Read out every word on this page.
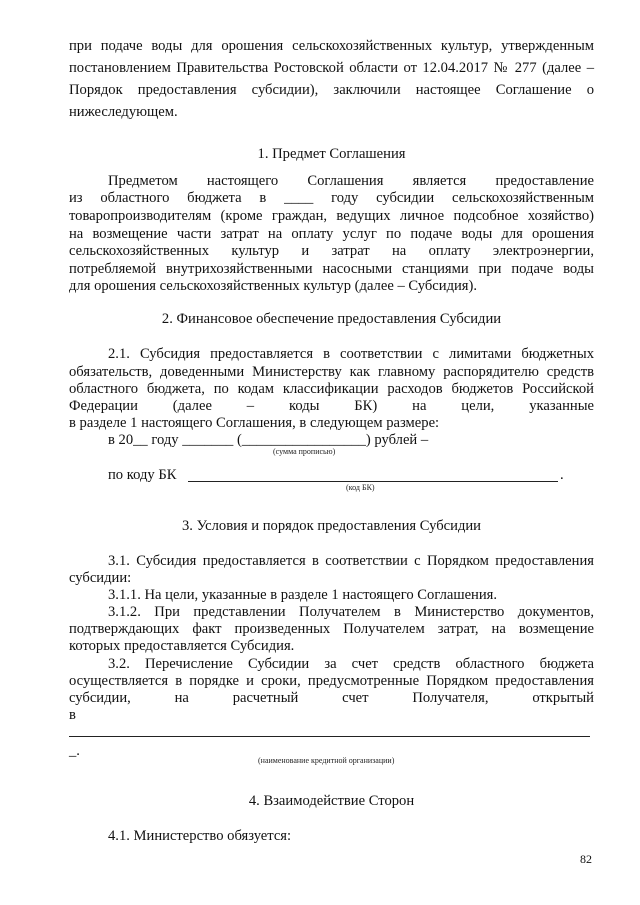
при подаче воды для орошения сельскохозяйственных культур, утвержденным
постановлением Правительства Ростовской области от 12.04.2017 № 277 (далее –
Порядок предоставления субсидии), заключили настоящее Соглашение о
нижеследующем.
1. Предмет Соглашения
Предметом настоящего Соглашения является предоставление
из областного бюджета в ____ году субсидии сельскохозяйственным
товаропроизводителям (кроме граждан, ведущих личное подсобное хозяйство)
на возмещение части затрат на оплату услуг по подаче воды для орошения
сельскохозяйственных культур и затрат на оплату электроэнергии,
потребляемой внутрихозяйственными насосными станциями при подаче воды
для орошения сельскохозяйственных культур (далее – Субсидия).
2. Финансовое обеспечение предоставления Субсидии
2.1. Субсидия предоставляется в соответствии с лимитами бюджетных
обязательств, доведенными Министерству как главному распорядителю средств
областного бюджета, по кодам классификации расходов бюджетов Российской
Федерации (далее – коды БК) на цели, указанные
в разделе 1 настоящего Соглашения, в следующем размере:
в 20__ году _______ (_________________) рублей –
(сумма прописью)
по коду БК	.
(код БК)
3. Условия и порядок предоставления Субсидии
3.1. Субсидия предоставляется в соответствии с Порядком предоставления
субсидии:
3.1.1. На цели, указанные в разделе 1 настоящего Соглашения.
3.1.2. При представлении Получателем в Министерство документов,
подтверждающих факт произведенных Получателем затрат, на возмещение
которых предоставляется Субсидия.
3.2. Перечисление Субсидии за счет средств областного бюджета
осуществляется в порядке и сроки, предусмотренные Порядком предоставления
субсидии, на расчетный счет Получателя, открытый
в
_.
(наименование кредитной организации)
4. Взаимодействие Сторон
4.1. Министерство обязуется:
82
